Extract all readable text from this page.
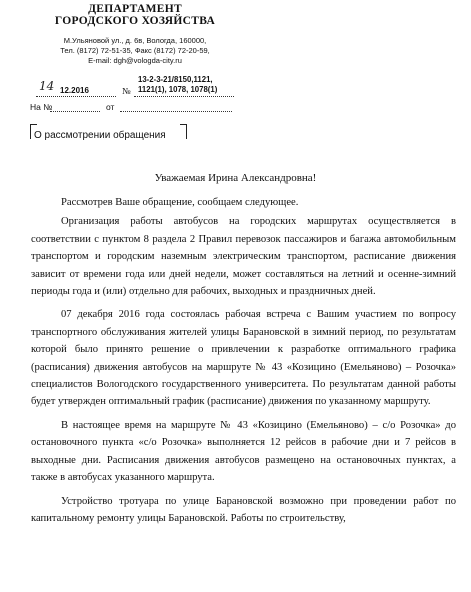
ДЕПАРТАМЕНТ
ГОРОДСКОГО ХОЗЯЙСТВА
М.Ульяновой ул., д. 6в, Вологда, 160000,
Тел. (8172) 72-51-35, Факс (8172) 72-20-59,
E-mail: dgh@vologda-city.ru
14 12.2016	№
13-2-3-21/8150,1121,
1121(1), 1078, 1078(1)
На №	от
О рассмотрении обращения
Уважаемая Ирина Александровна!

Рассмотрев Ваше обращение, сообщаем следующее.

Организация работы автобусов на городских маршрутах осуществляется в соответствии с пунктом 8 раздела 2 Правил перевозок пассажиров и багажа автомобильным транспортом и городским наземным электрическим транспортом, расписание движения зависит от времени года или дней недели, может составляться на летний и осенне-зимний периоды года и (или) отдельно для рабочих, выходных и праздничных дней.

07 декабря 2016 года состоялась рабочая встреча с Вашим участием по вопросу транспортного обслуживания жителей улицы Барановской в зимний период, по результатам которой было принято решение о привлечении к разработке оптимального графика (расписания) движения автобусов на маршруте № 43 «Козицино (Емельяново) – Розочка» специалистов Вологодского государственного университета. По результатам данной работы будет утвержден оптимальный график (расписание) движения по указанному маршруту.

В настоящее время на маршруте № 43 «Козицино (Емельяново) – с/о Розочка» до остановочного пункта «с/о Розочка» выполняется 12 рейсов в рабочие дни и 7 рейсов в выходные дни. Расписания движения автобусов размещено на остановочных пунктах, а также в автобусах указанного маршрута.

Устройство тротуара по улице Барановской возможно при проведении работ по капитальному ремонту улицы Барановской. Работы по строительству,
